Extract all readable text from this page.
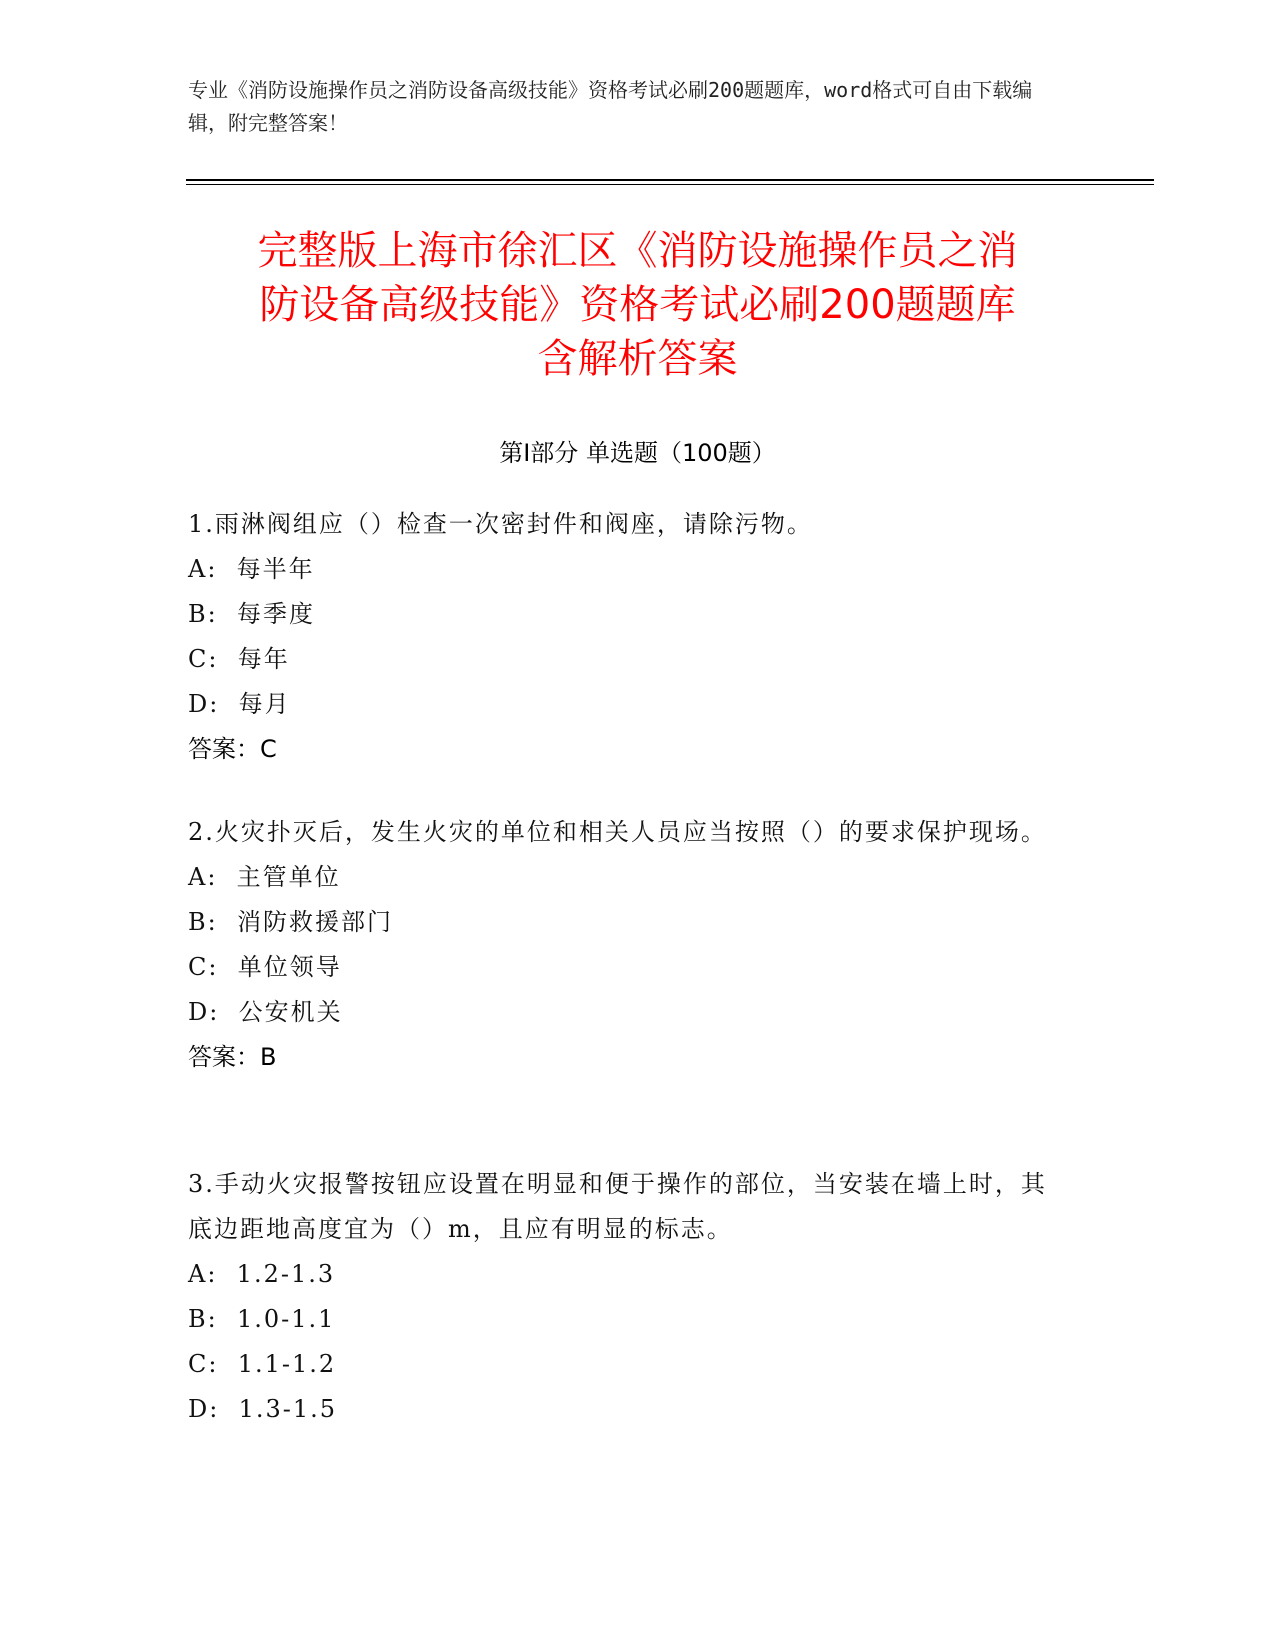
专业《消防设施操作员之消防设备高级技能》资格考试必刷200题题库，word格式可自由下载编辑，附完整答案！
完整版上海市徐汇区《消防设施操作员之消
防设备高级技能》资格考试必刷200题题库
含解析答案
第Ⅰ部分 单选题（100题）
1.雨淋阀组应（）检查一次密封件和阀座，请除污物。
A:  每半年
B:  每季度
C:  每年
D:  每月
答案：C
2.火灾扑灭后，发生火灾的单位和相关人员应当按照（）的要求保护现场。
A:  主管单位
B:  消防救援部门
C:  单位领导
D:  公安机关
答案：B
3.手动火灾报警按钮应设置在明显和便于操作的部位，当安装在墙上时，其底边距地高度宜为（）m，且应有明显的标志。
A:  1.2-1.3
B:  1.0-1.1
C:  1.1-1.2
D:  1.3-1.5
